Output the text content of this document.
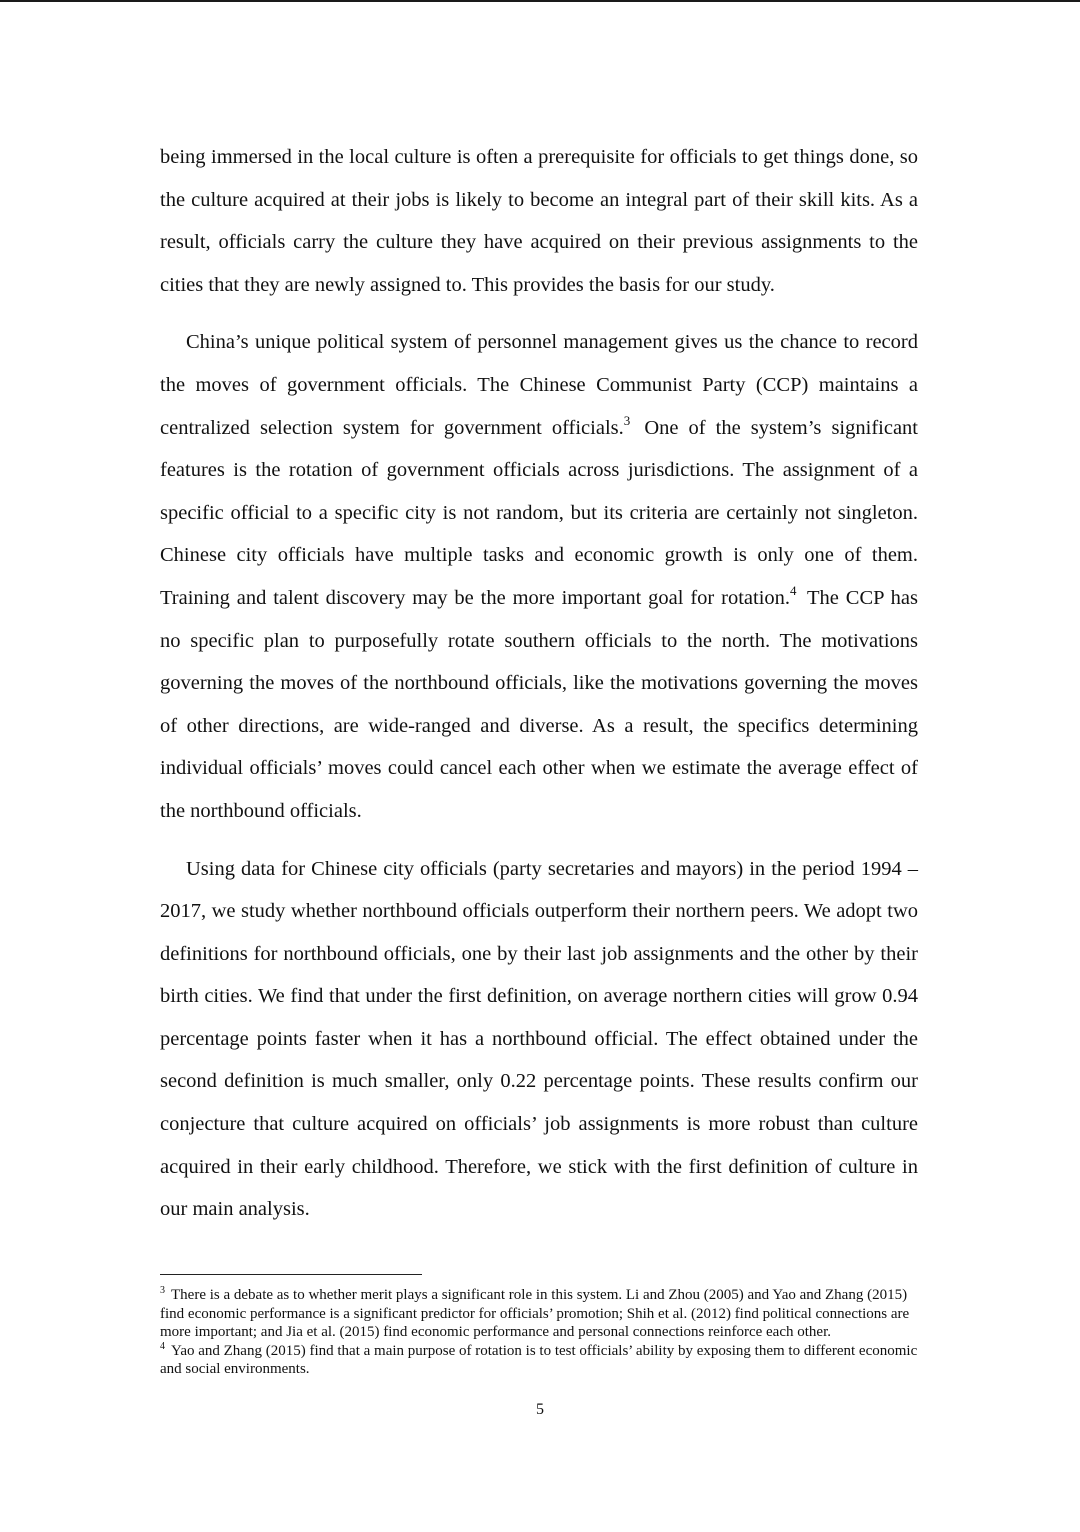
being immersed in the local culture is often a prerequisite for officials to get things done, so the culture acquired at their jobs is likely to become an integral part of their skill kits. As a result, officials carry the culture they have acquired on their previous assignments to the cities that they are newly assigned to. This provides the basis for our study.

China’s unique political system of personnel management gives us the chance to record the moves of government officials. The Chinese Communist Party (CCP) maintains a centralized selection system for government officials.$^3$ One of the system’s significant features is the rotation of government officials across jurisdictions. The assignment of a specific official to a specific city is not random, but its criteria are certainly not singleton. Chinese city officials have multiple tasks and economic growth is only one of them. Training and talent discovery may be the more important goal for rotation.$^4$ The CCP has no specific plan to purposefully rotate southern officials to the north. The motivations governing the moves of the northbound officials, like the motivations governing the moves of other directions, are wide-ranged and diverse. As a result, the specifics determining individual officials’ moves could cancel each other when we estimate the average effect of the northbound officials.

Using data for Chinese city officials (party secretaries and mayors) in the period 1994 – 2017, we study whether northbound officials outperform their northern peers. We adopt two definitions for northbound officials, one by their last job assignments and the other by their birth cities. We find that under the first definition, on average northern cities will grow 0.94 percentage points faster when it has a northbound official. The effect obtained under the second definition is much smaller, only 0.22 percentage points. These results confirm our conjecture that culture acquired on officials’ job assignments is more robust than culture acquired in their early childhood. Therefore, we stick with the first definition of culture in our main analysis.

$^3$ There is a debate as to whether merit plays a significant role in this system. Li and Zhou (2005) and Yao and Zhang (2015) find economic performance is a significant predictor for officials’ promotion; Shih et al. (2012) find political connections are more important; and Jia et al. (2015) find economic performance and personal connections reinforce each other.

$^4$ Yao and Zhang (2015) find that a main purpose of rotation is to test officials’ ability by exposing them to different economic and social environments.

5
